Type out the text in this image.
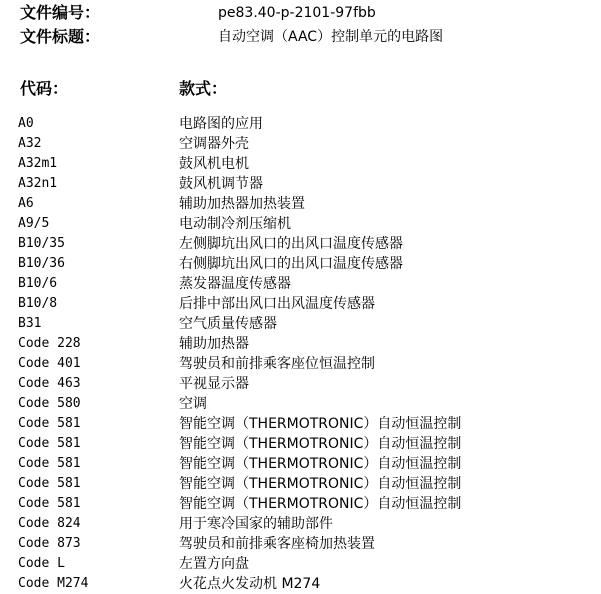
文件编号：	pe83.40-p-2101-97fbb
文件标题：	自动空调（AAC）控制单元的电路图
代码：	款式：
A0	电路图的应用
A32	空调器外壳
A32m1	鼓风机电机
A32n1	鼓风机调节器
A6	辅助加热器加热装置
A9/5	电动制冷剂压缩机
B10/35	左侧脚坑出风口的出风口温度传感器
B10/36	右侧脚坑出风口的出风口温度传感器
B10/6	蒸发器温度传感器
B10/8	后排中部出风口出风温度传感器
B31	空气质量传感器
Code 228	辅助加热器
Code 401	驾驶员和前排乘客座位恒温控制
Code 463	平视显示器
Code 580	空调
Code 581	智能空调（THERMOTRONIC）自动恒温控制
Code 581	智能空调（THERMOTRONIC）自动恒温控制
Code 581	智能空调（THERMOTRONIC）自动恒温控制
Code 581	智能空调（THERMOTRONIC）自动恒温控制
Code 581	智能空调（THERMOTRONIC）自动恒温控制
Code 824	用于寒冷国家的辅助部件
Code 873	驾驶员和前排乘客座椅加热装置
Code L	左置方向盘
Code M274	火花点火发动机 M274
